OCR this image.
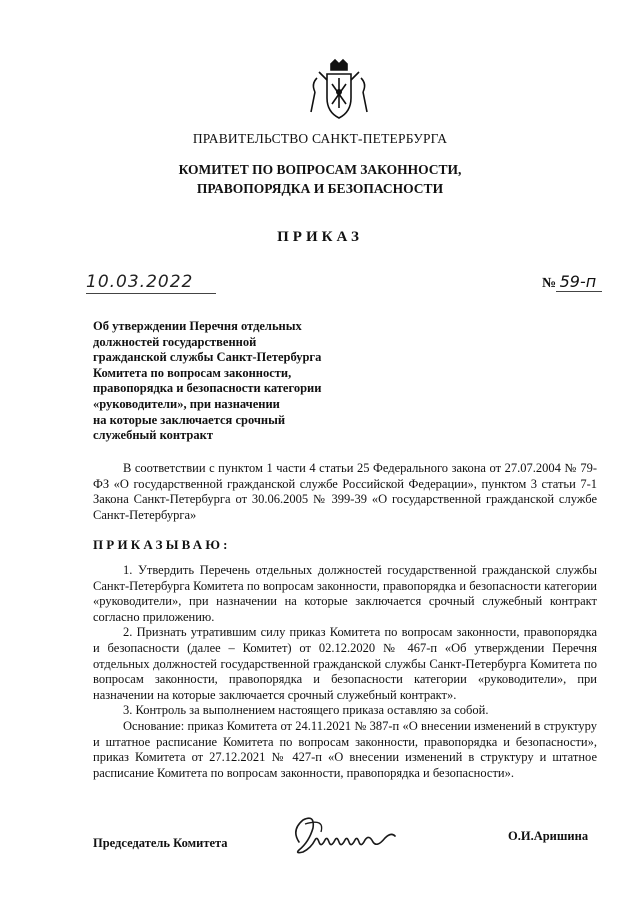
ПРАВИТЕЛЬСТВО САНКТ-ПЕТЕРБУРГА
КОМИТЕТ ПО ВОПРОСАМ ЗАКОННОСТИ,
ПРАВОПОРЯДКА И БЕЗОПАСНОСТИ
ПРИКАЗ
10.03.2022	№ 59-п
Об утверждении Перечня отдельных
должностей государственной
гражданской службы Санкт-Петербурга
Комитета по вопросам законности,
правопорядка и безопасности категории
«руководители», при назначении
на которые заключается срочный
служебный контракт
В соответствии с пунктом 1 части 4 статьи 25 Федерального закона от 27.07.2004 № 79-ФЗ «О государственной гражданской службе Российской Федерации», пунктом 3 статьи 7-1 Закона Санкт-Петербурга от 30.06.2005 № 399-39 «О государственной гражданской службе Санкт-Петербурга»
ПРИКАЗЫВАЮ:

1. Утвердить Перечень отдельных должностей государственной гражданской службы Санкт-Петербурга Комитета по вопросам законности, правопорядка и безопасности категории «руководители», при назначении на которые заключается срочный служебный контракт согласно приложению.

2. Признать утратившим силу приказ Комитета по вопросам законности, правопорядка и безопасности (далее – Комитет) от 02.12.2020 № 467-п «Об утверждении Перечня отдельных должностей государственной гражданской службы Санкт-Петербурга Комитета по вопросам законности, правопорядка и безопасности категории «руководители», при назначении на которые заключается срочный служебный контракт».

3. Контроль за выполнением настоящего приказа оставляю за собой.

Основание: приказ Комитета от 24.11.2021 № 387-п «О внесении изменений в структуру и штатное расписание Комитета по вопросам законности, правопорядка и безопасности», приказ Комитета от 27.12.2021 № 427-п «О внесении изменений в структуру и штатное расписание Комитета по вопросам законности, правопорядка и безопасности».

Председатель Комитета	О.И.Аришина
